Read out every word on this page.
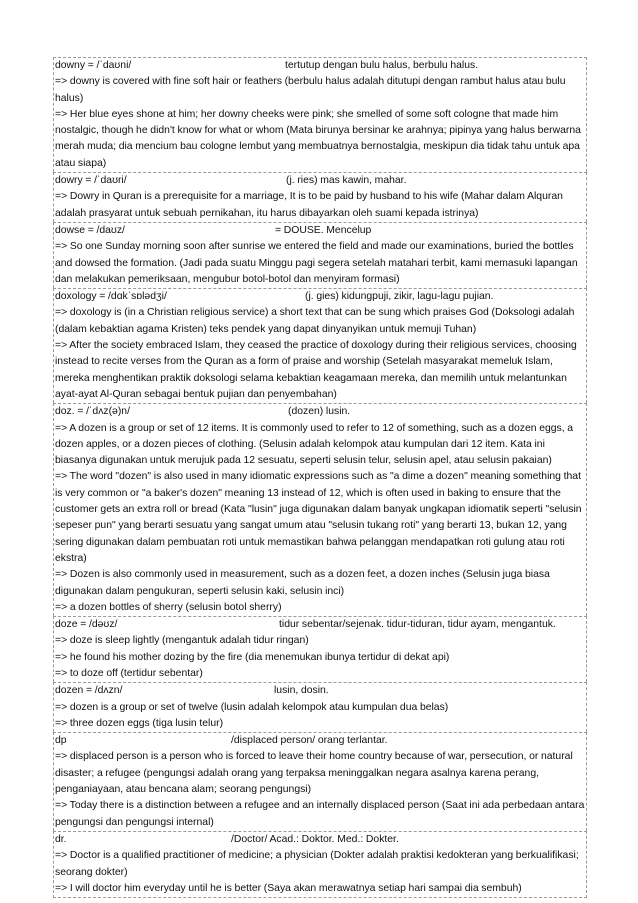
downy = /ˈdaʊni/	tertutup dengan bulu halus, berbulu halus.
=> downy is covered with fine soft hair or feathers (berbulu halus adalah ditutupi dengan rambut halus atau bulu halus)
=> Her blue eyes shone at him; her downy cheeks were pink; she smelled of some soft cologne that made him nostalgic, though he didn't know for what or whom (Mata birunya bersinar ke arahnya; pipinya yang halus berwarna merah muda; dia mencium bau cologne lembut yang membuatnya bernostalgia, meskipun dia tidak tahu untuk apa atau siapa)
dowry = /ˈdaʊri/	(j. ries) mas kawin, mahar.
=> Dowry in Quran is a prerequisite for a marriage, It is to be paid by husband to his wife (Mahar dalam Alquran adalah prasyarat untuk sebuah pernikahan, itu harus dibayarkan oleh suami kepada istrinya)
dowse = /daʊz/	= DOUSE. Mencelup
=> So one Sunday morning soon after sunrise we entered the field and made our examinations, buried the bottles and dowsed the formation. (Jadi pada suatu Minggu pagi segera setelah matahari terbit, kami memasuki lapangan dan melakukan pemeriksaan, mengubur botol-botol dan menyiram formasi)
doxology = /dɑkˈsɒlədʒi/	(j. gies) kidungpuji, zikir, lagu-lagu pujian.
=> doxology is (in a Christian religious service) a short text that can be sung which praises God (Doksologi adalah (dalam kebaktian agama Kristen) teks pendek yang dapat dinyanyikan untuk memuji Tuhan)
=> After the society embraced Islam, they ceased the practice of doxology during their religious services, choosing instead to recite verses from the Quran as a form of praise and worship (Setelah masyarakat memeluk Islam, mereka menghentikan praktik doksologi selama kebaktian keagamaan mereka, dan memilih untuk melantunkan ayat-ayat Al-Quran sebagai bentuk pujian dan penyembahan)
doz. = /ˈdʌz(ə)n/	(dozen) lusin.
=> A dozen is a group or set of 12 items. It is commonly used to refer to 12 of something, such as a dozen eggs, a dozen apples, or a dozen pieces of clothing. (Selusin adalah kelompok atau kumpulan dari 12 item. Kata ini biasanya digunakan untuk merujuk pada 12 sesuatu, seperti selusin telur, selusin apel, atau selusin pakaian)
=> The word "dozen" is also used in many idiomatic expressions such as "a dime a dozen" meaning something that is very common or "a baker's dozen" meaning 13 instead of 12, which is often used in baking to ensure that the customer gets an extra roll or bread (Kata "lusin" juga digunakan dalam banyak ungkapan idiomatik seperti "selusin sepeser pun" yang berarti sesuatu yang sangat umum atau "selusin tukang roti" yang berarti 13, bukan 12, yang sering digunakan dalam pembuatan roti untuk memastikan bahwa pelanggan mendapatkan roti gulung atau roti ekstra)
=> Dozen is also commonly used in measurement, such as a dozen feet, a dozen inches (Selusin juga biasa digunakan dalam pengukuran, seperti selusin kaki, selusin inci)
=> a dozen bottles of sherry (selusin botol sherry)
doze = /dəʊz/	tidur sebentar/sejenak. tidur-tiduran, tidur ayam, mengantuk.
=> doze is sleep lightly (mengantuk adalah tidur ringan)
=> he found his mother dozing by the fire (dia menemukan ibunya tertidur di dekat api)
=> to doze off (tertidur sebentar)
dozen = /dʌzn/	lusin, dosin.
=> dozen is a group or set of twelve (lusin adalah kelompok atau kumpulan dua belas)
=> three dozen eggs (tiga lusin telur)
dp	/displaced person/ orang terlantar.
=> displaced person is a person who is forced to leave their home country because of war, persecution, or natural disaster; a refugee (pengungsi adalah orang yang terpaksa meninggalkan negara asalnya karena perang, penganiayaan, atau bencana alam; seorang pengungsi)
=> Today there is a distinction between a refugee and an internally displaced person (Saat ini ada perbedaan antara pengungsi dan pengungsi internal)
dr.	/Doctor/ Acad.: Doktor. Med.: Dokter.
=> Doctor is a qualified practitioner of medicine; a physician (Dokter adalah praktisi kedokteran yang berkualifikasi; seorang dokter)
=> I will doctor him everyday until he is better (Saya akan merawatnya setiap hari sampai dia sembuh)
